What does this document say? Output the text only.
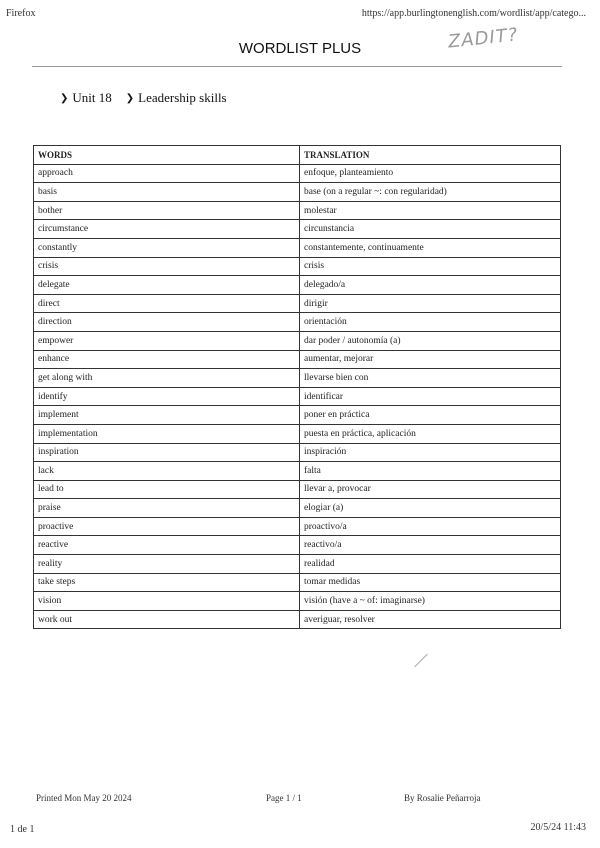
Firefox	https://app.burlingtonenglish.com/wordlist/app/catego...
ZADIT?
WORDLIST PLUS
❯ Unit 18 ❯ Leadership skills
WORDS	TRANSLATION
approach	enfoque, planteamiento
basis	base (on a regular ~: con regularidad)
bother	molestar
circumstance	circunstancia
constantly	constantemente, continuamente
crisis	crisis
delegate	delegado/a
direct	dirigir
direction	orientación
empower	dar poder / autonomía (a)
enhance	aumentar, mejorar
get along with	llevarse bien con
identify	identificar
implement	poner en práctica
implementation	puesta en práctica, aplicación
inspiration	inspiración
lack	falta
lead to	llevar a, provocar
praise	elogiar (a)
proactive	proactivo/a
reactive	reactivo/a
reality	realidad
take steps	tomar medidas
vision	visión (have a ~ of: imaginarse)
work out	averiguar, resolver
Printed Mon May 20 2024	Page 1 / 1	By Rosalie Peñarroja
1 de 1	20/5/24 11:43
